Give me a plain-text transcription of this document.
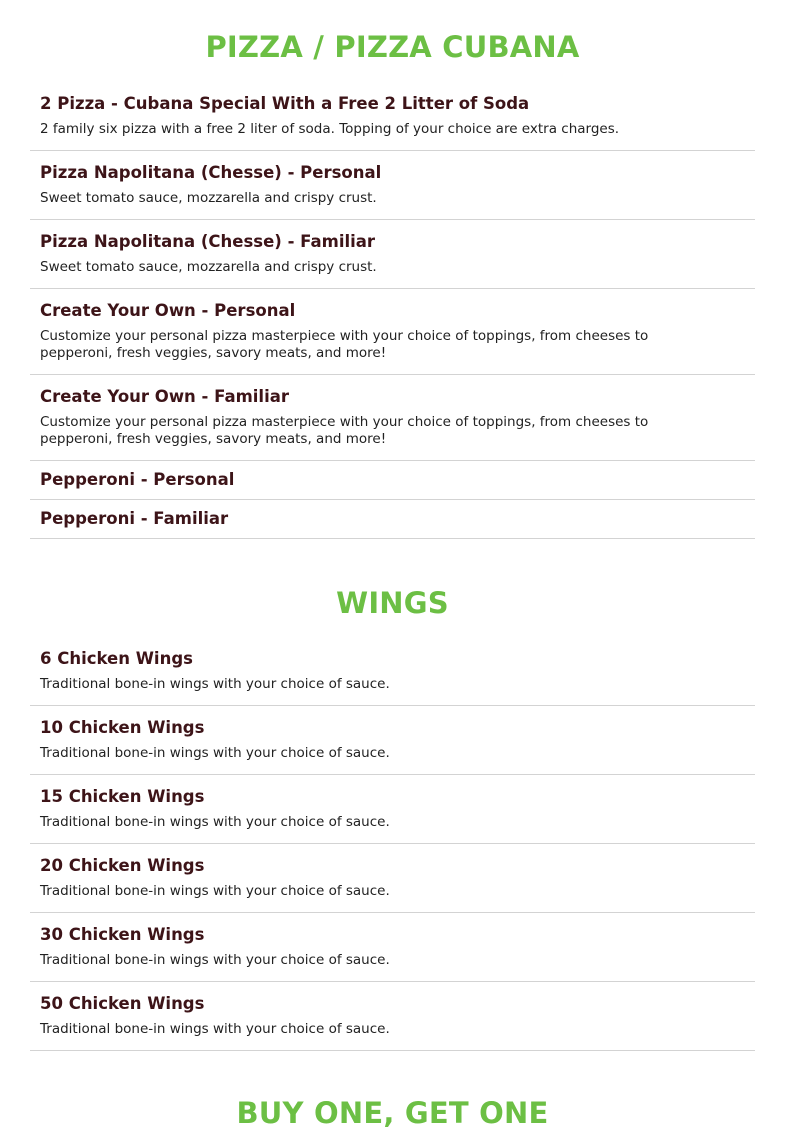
PIZZA / PIZZA CUBANA
2 Pizza - Cubana Special With a Free 2 Litter of Soda
2 family six pizza with a free 2 liter of soda. Topping of your choice are extra charges.
Pizza Napolitana (Chesse) - Personal
Sweet tomato sauce, mozzarella and crispy crust.
Pizza Napolitana (Chesse) - Familiar
Sweet tomato sauce, mozzarella and crispy crust.
Create Your Own - Personal
Customize your personal pizza masterpiece with your choice of toppings, from cheeses to pepperoni, fresh veggies, savory meats, and more!
Create Your Own - Familiar
Customize your personal pizza masterpiece with your choice of toppings, from cheeses to pepperoni, fresh veggies, savory meats, and more!
Pepperoni - Personal
Pepperoni - Familiar
WINGS
6 Chicken Wings
Traditional bone-in wings with your choice of sauce.
10 Chicken Wings
Traditional bone-in wings with your choice of sauce.
15 Chicken Wings
Traditional bone-in wings with your choice of sauce.
20 Chicken Wings
Traditional bone-in wings with your choice of sauce.
30 Chicken Wings
Traditional bone-in wings with your choice of sauce.
50 Chicken Wings
Traditional bone-in wings with your choice of sauce.
BUY ONE, GET ONE
